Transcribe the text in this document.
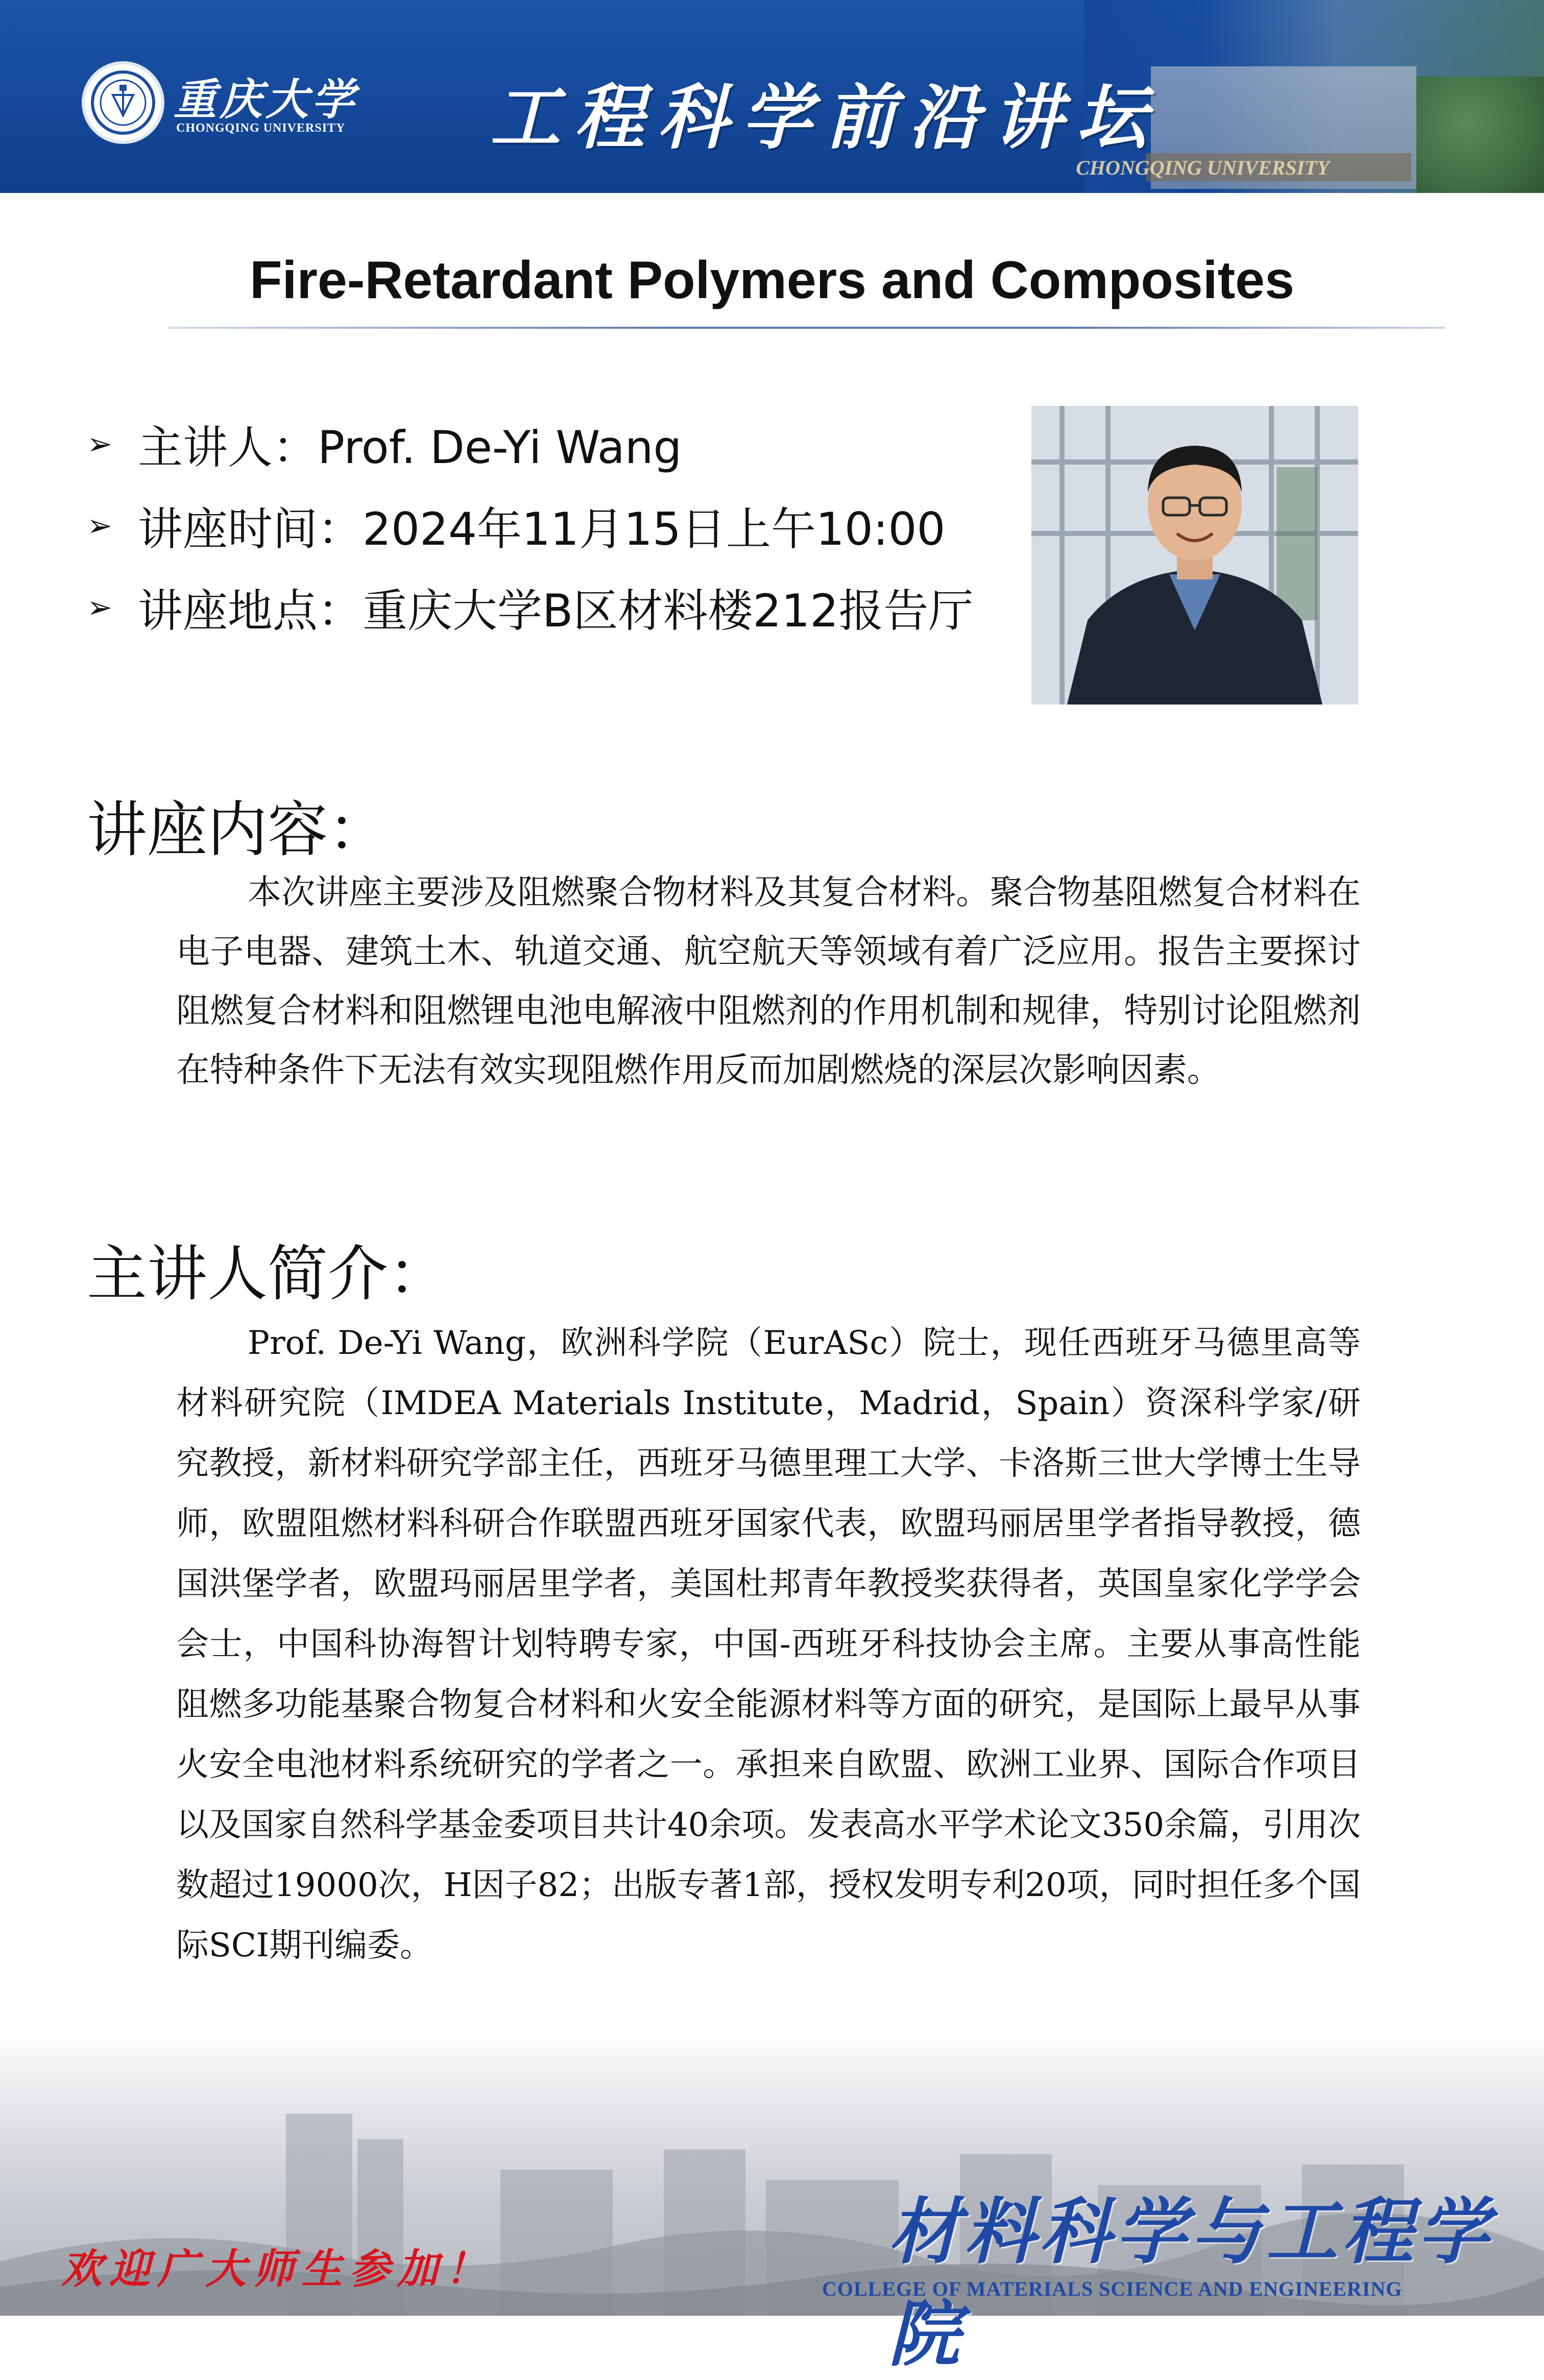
CHONGQING UNIVERSITY
重庆大学
CHONGQING UNIVERSITY 工程科学前沿讲坛
Fire-Retardant Polymers and Composites
➢ 主讲人：Prof. De-Yi Wang
➢ 讲座时间：2024年11月15日上午10:00
➢ 讲座地点：重庆大学B区材料楼212报告厅
讲座内容：
本次讲座主要涉及阻燃聚合物材料及其复合材料。聚合物基阻燃复合材料在电子电器、建筑土木、轨道交通、航空航天等领域有着广泛应用。报告主要探讨阻燃复合材料和阻燃锂电池电解液中阻燃剂的作用机制和规律，特别讨论阻燃剂在特种条件下无法有效实现阻燃作用反而加剧燃烧的深层次影响因素。
主讲人简介：
Prof. De-Yi Wang，欧洲科学院（EurASc）院士，现任西班牙马德里高等材料研究院（IMDEA Materials Institute，Madrid，Spain）资深科学家/研究教授，新材料研究学部主任，西班牙马德里理工大学、卡洛斯三世大学博士生导师，欧盟阻燃材料科研合作联盟西班牙国家代表，欧盟玛丽居里学者指导教授，德国洪堡学者，欧盟玛丽居里学者，美国杜邦青年教授奖获得者，英国皇家化学学会会士，中国科协海智计划特聘专家，中国-西班牙科技协会主席。主要从事高性能阻燃多功能基聚合物复合材料和火安全能源材料等方面的研究，是国际上最早从事火安全电池材料系统研究的学者之一。承担来自欧盟、欧洲工业界、国际合作项目以及国家自然科学基金委项目共计40余项。发表高水平学术论文350余篇，引用次数超过19000次，H因子82；出版专著1部，授权发明专利20项，同时担任多个国际SCI期刊编委。
欢迎广大师生参加！	材料科学与工程学院
COLLEGE OF MATERIALS SCIENCE AND ENGINEERING
